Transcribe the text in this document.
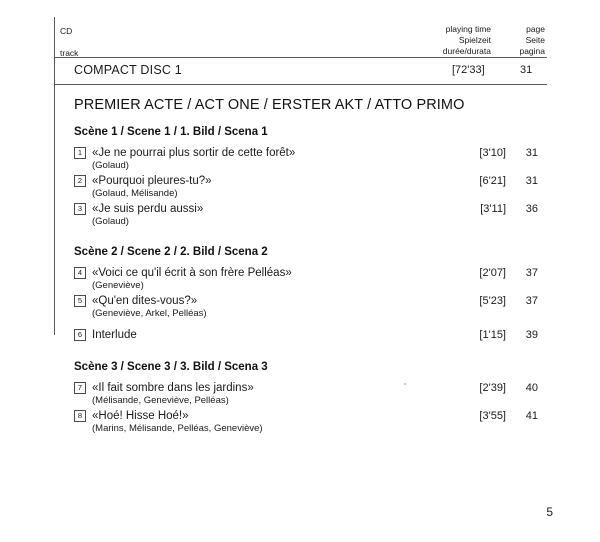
CD
track
playing time
Spielzeit
durée/durata
page
Seite
pagina
COMPACT DISC 1	[72'33]	31
PREMIER ACTE / ACT ONE / ERSTER AKT / ATTO PRIMO
Scène 1 / Scene 1 / 1. Bild / Scena 1
1 «Je ne pourrai plus sortir de cette forêt»
(Golaud)
[3'10]	31
2 «Pourquoi pleures-tu?»
(Golaud, Mélisande)
[6'21]	31
3 «Je suis perdu aussi»
(Golaud)
[3'11]	36
Scène 2 / Scene 2 / 2. Bild / Scena 2
4 «Voici ce qu'il écrit à son frère Pelléas»
(Geneviève)
[2'07]	37
5 «Qu'en dites-vous?»
(Geneviève, Arkel, Pelléas)
[5'23]	37
6 Interlude	[1'15]	39
Scène 3 / Scene 3 / 3. Bild / Scena 3
7 «Il fait sombre dans les jardins»
(Mélisande, Geneviève, Pelléas)
[2'39]	40
8 «Hoé! Hisse Hoé!»
(Marins, Mélisande, Pelléas, Geneviève)
[3'55]	41
5
